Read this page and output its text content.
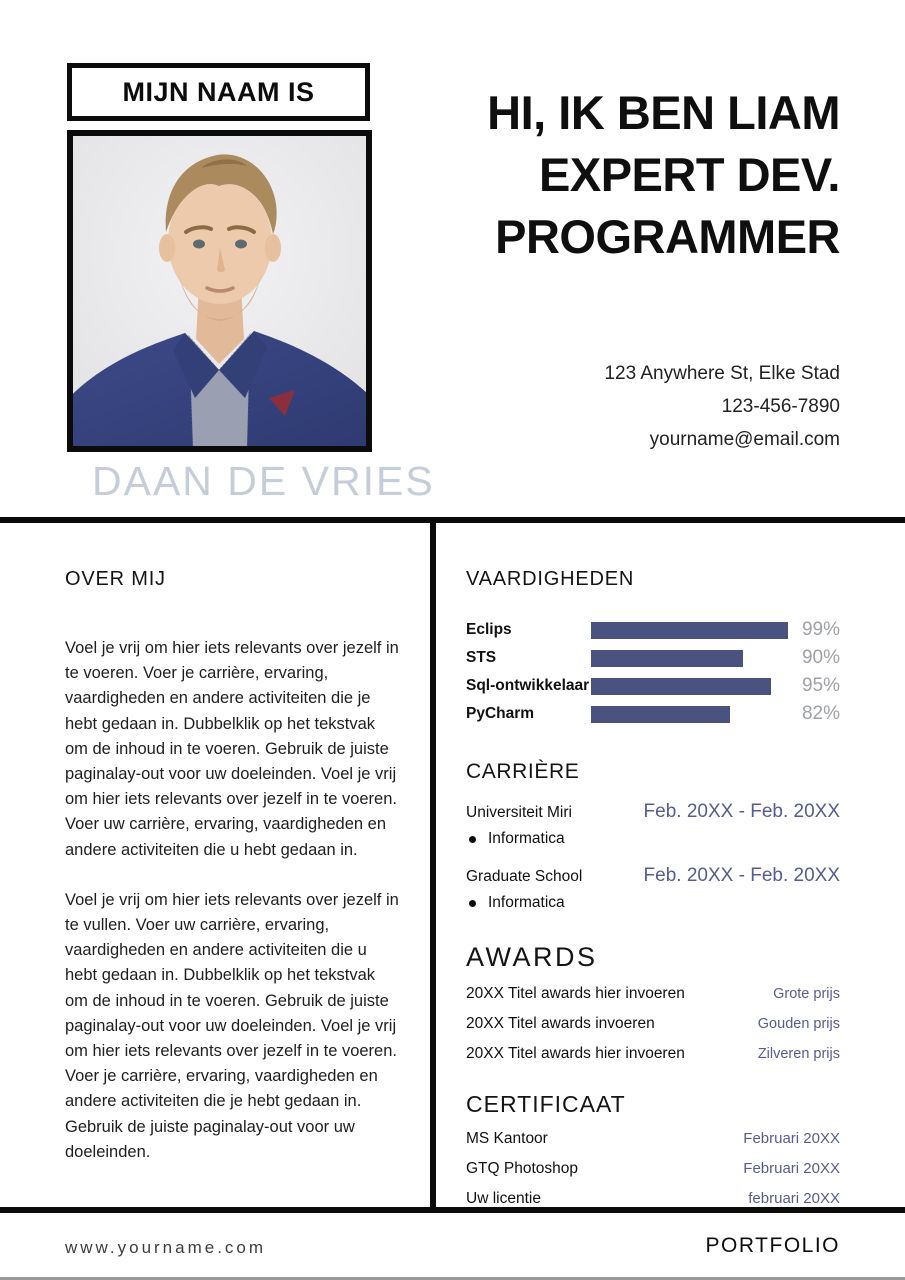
MIJN NAAM IS
DAAN DE VRIES
HI, IK BEN LIAM
EXPERT DEV.
PROGRAMMER
123 Anywhere St, Elke Stad
123-456-7890
yourname@email.com
OVER MIJ

Voel je vrij om hier iets relevants over jezelf in te voeren. Voer je carrière, ervaring, vaardigheden en andere activiteiten die je hebt gedaan in. Dubbelklik op het tekstvak om de inhoud in te voeren. Gebruik de juiste paginalay-out voor uw doeleinden. Voel je vrij om hier iets relevants over jezelf in te voeren. Voer uw carrière, ervaring, vaardigheden en andere activiteiten die u hebt gedaan in.

Voel je vrij om hier iets relevants over jezelf in te vullen. Voer uw carrière, ervaring, vaardigheden en andere activiteiten die u hebt gedaan in. Dubbelklik op het tekstvak om de inhoud in te voeren. Gebruik de juiste paginalay-out voor uw doeleinden. Voel je vrij om hier iets relevants over jezelf in te voeren. Voer je carrière, ervaring, vaardigheden en andere activiteiten die je hebt gedaan in. Gebruik de juiste paginalay-out voor uw doeleinden.

VAARDIGHEDEN
Eclips	99%
STS	90%
Sql-ontwikkelaar	95%
PyCharm	82%
CARRIÈRE
Universiteit Miri	Feb. 20XX - Feb. 20XX
Informatica
Graduate School	Feb. 20XX - Feb. 20XX
Informatica
AWARDS
20XX Titel awards hier invoeren	Grote prijs
20XX Titel awards invoeren	Gouden prijs
20XX Titel awards hier invoeren	Zilveren prijs
CERTIFICAAT
MS Kantoor	Februari 20XX
GTQ Photoshop	Februari 20XX
Uw licentie	februari 20XX
www.yourname.com	PORTFOLIO
